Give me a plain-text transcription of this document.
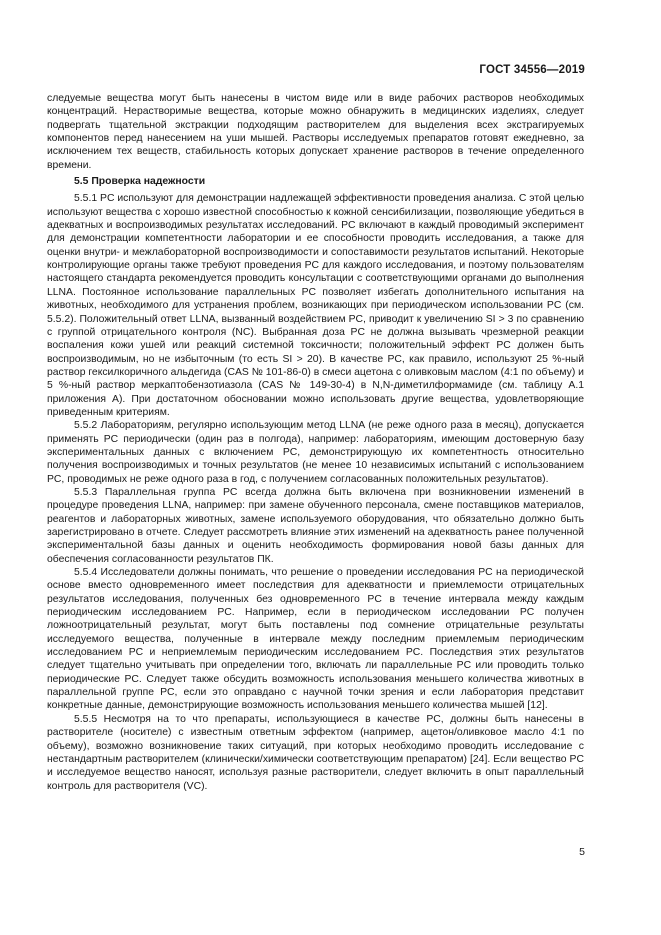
ГОСТ 34556—2019

следуемые вещества могут быть нанесены в чистом виде или в виде рабочих растворов необходимых концентраций. Нерастворимые вещества, которые можно обнаружить в медицинских изделиях, следует подвергать тщательной экстракции подходящим растворителем для выделения всех экстрагируемых компонентов перед нанесением на уши мышей. Растворы исследуемых препаратов готовят ежедневно, за исключением тех веществ, стабильность которых допускает хранение растворов в течение определенного времени.

5.5 Проверка надежности

5.5.1 PC используют для демонстрации надлежащей эффективности проведения анализа. С этой целью используют вещества с хорошо известной способностью к кожной сенсибилизации, позволяющие убедиться в адекватных и воспроизводимых результатах исследований. PC включают в каждый проводимый эксперимент для демонстрации компетентности лаборатории и ее способности проводить исследования, а также для оценки внутри- и межлабораторной воспроизводимости и сопоставимости результатов испытаний. Некоторые контролирующие органы также требуют проведения PC для каждого исследования, и поэтому пользователям настоящего стандарта рекомендуется проводить консультации с соответствующими органами до выполнения LLNA. Постоянное использование параллельных PC позволяет избегать дополнительного испытания на животных, необходимого для устранения проблем, возникающих при периодическом использовании PC (см. 5.5.2). Положительный ответ LLNA, вызванный воздействием PC, приводит к увеличению SI > 3 по сравнению с группой отрицательного контроля (NC). Выбранная доза PC не должна вызывать чрезмерной реакции воспаления кожи ушей или реакций системной токсичности; положительный эффект PC должен быть воспроизводимым, но не избыточным (то есть SI > 20). В качестве PC, как правило, используют 25 %-ный раствор гексилкоричного альдегида (CAS № 101-86-0) в смеси ацетона с оливковым маслом (4:1 по объему) и 5 %-ный раствор меркаптобензотиазола (CAS № 149-30-4) в N,N-диметилформамиде (см. таблицу А.1 приложения А). При достаточном обосновании можно использовать другие вещества, удовлетворяющие приведенным критериям.

5.5.2 Лабораториям, регулярно использующим метод LLNA (не реже одного раза в месяц), допускается применять PC периодически (один раз в полгода), например: лабораториям, имеющим достоверную базу экспериментальных данных с включением PC, демонстрирующую их компетентность относительно получения воспроизводимых и точных результатов (не менее 10 независимых испытаний с использованием PC, проводимых не реже одного раза в год, с получением согласованных положительных результатов).

5.5.3 Параллельная группа PC всегда должна быть включена при возникновении изменений в процедуре проведения LLNA, например: при замене обученного персонала, смене поставщиков материалов, реагентов и лабораторных животных, замене используемого оборудования, что обязательно должно быть зарегистрировано в отчете. Следует рассмотреть влияние этих изменений на адекватность ранее полученной экспериментальной базы данных и оценить необходимость формирования новой базы данных для обеспечения согласованности результатов ПК.

5.5.4 Исследователи должны понимать, что решение о проведении исследования PC на периодической основе вместо одновременного имеет последствия для адекватности и приемлемости отрицательных результатов исследования, полученных без одновременного PC в течение интервала между каждым периодическим исследованием PC. Например, если в периодическом исследовании PC получен ложноотрицательный результат, могут быть поставлены под сомнение отрицательные результаты исследуемого вещества, полученные в интервале между последним приемлемым периодическим исследованием PC и неприемлемым периодическим исследованием PC. Последствия этих результатов следует тщательно учитывать при определении того, включать ли параллельные PC или проводить только периодические PC. Следует также обсудить возможность использования меньшего количества животных в параллельной группе PC, если это оправдано с научной точки зрения и если лаборатория представит конкретные данные, демонстрирующие возможность использования меньшего количества мышей [12].

5.5.5 Несмотря на то что препараты, использующиеся в качестве PC, должны быть нанесены в растворителе (носителе) с известным ответным эффектом (например, ацетон/оливковое масло 4:1 по объему), возможно возникновение таких ситуаций, при которых необходимо проводить исследование с нестандартным растворителем (клинически/химически соответствующим препаратом) [24]. Если вещество PC и исследуемое вещество наносят, используя разные растворители, следует включить в опыт параллельный контроль для растворителя (VC).

5
